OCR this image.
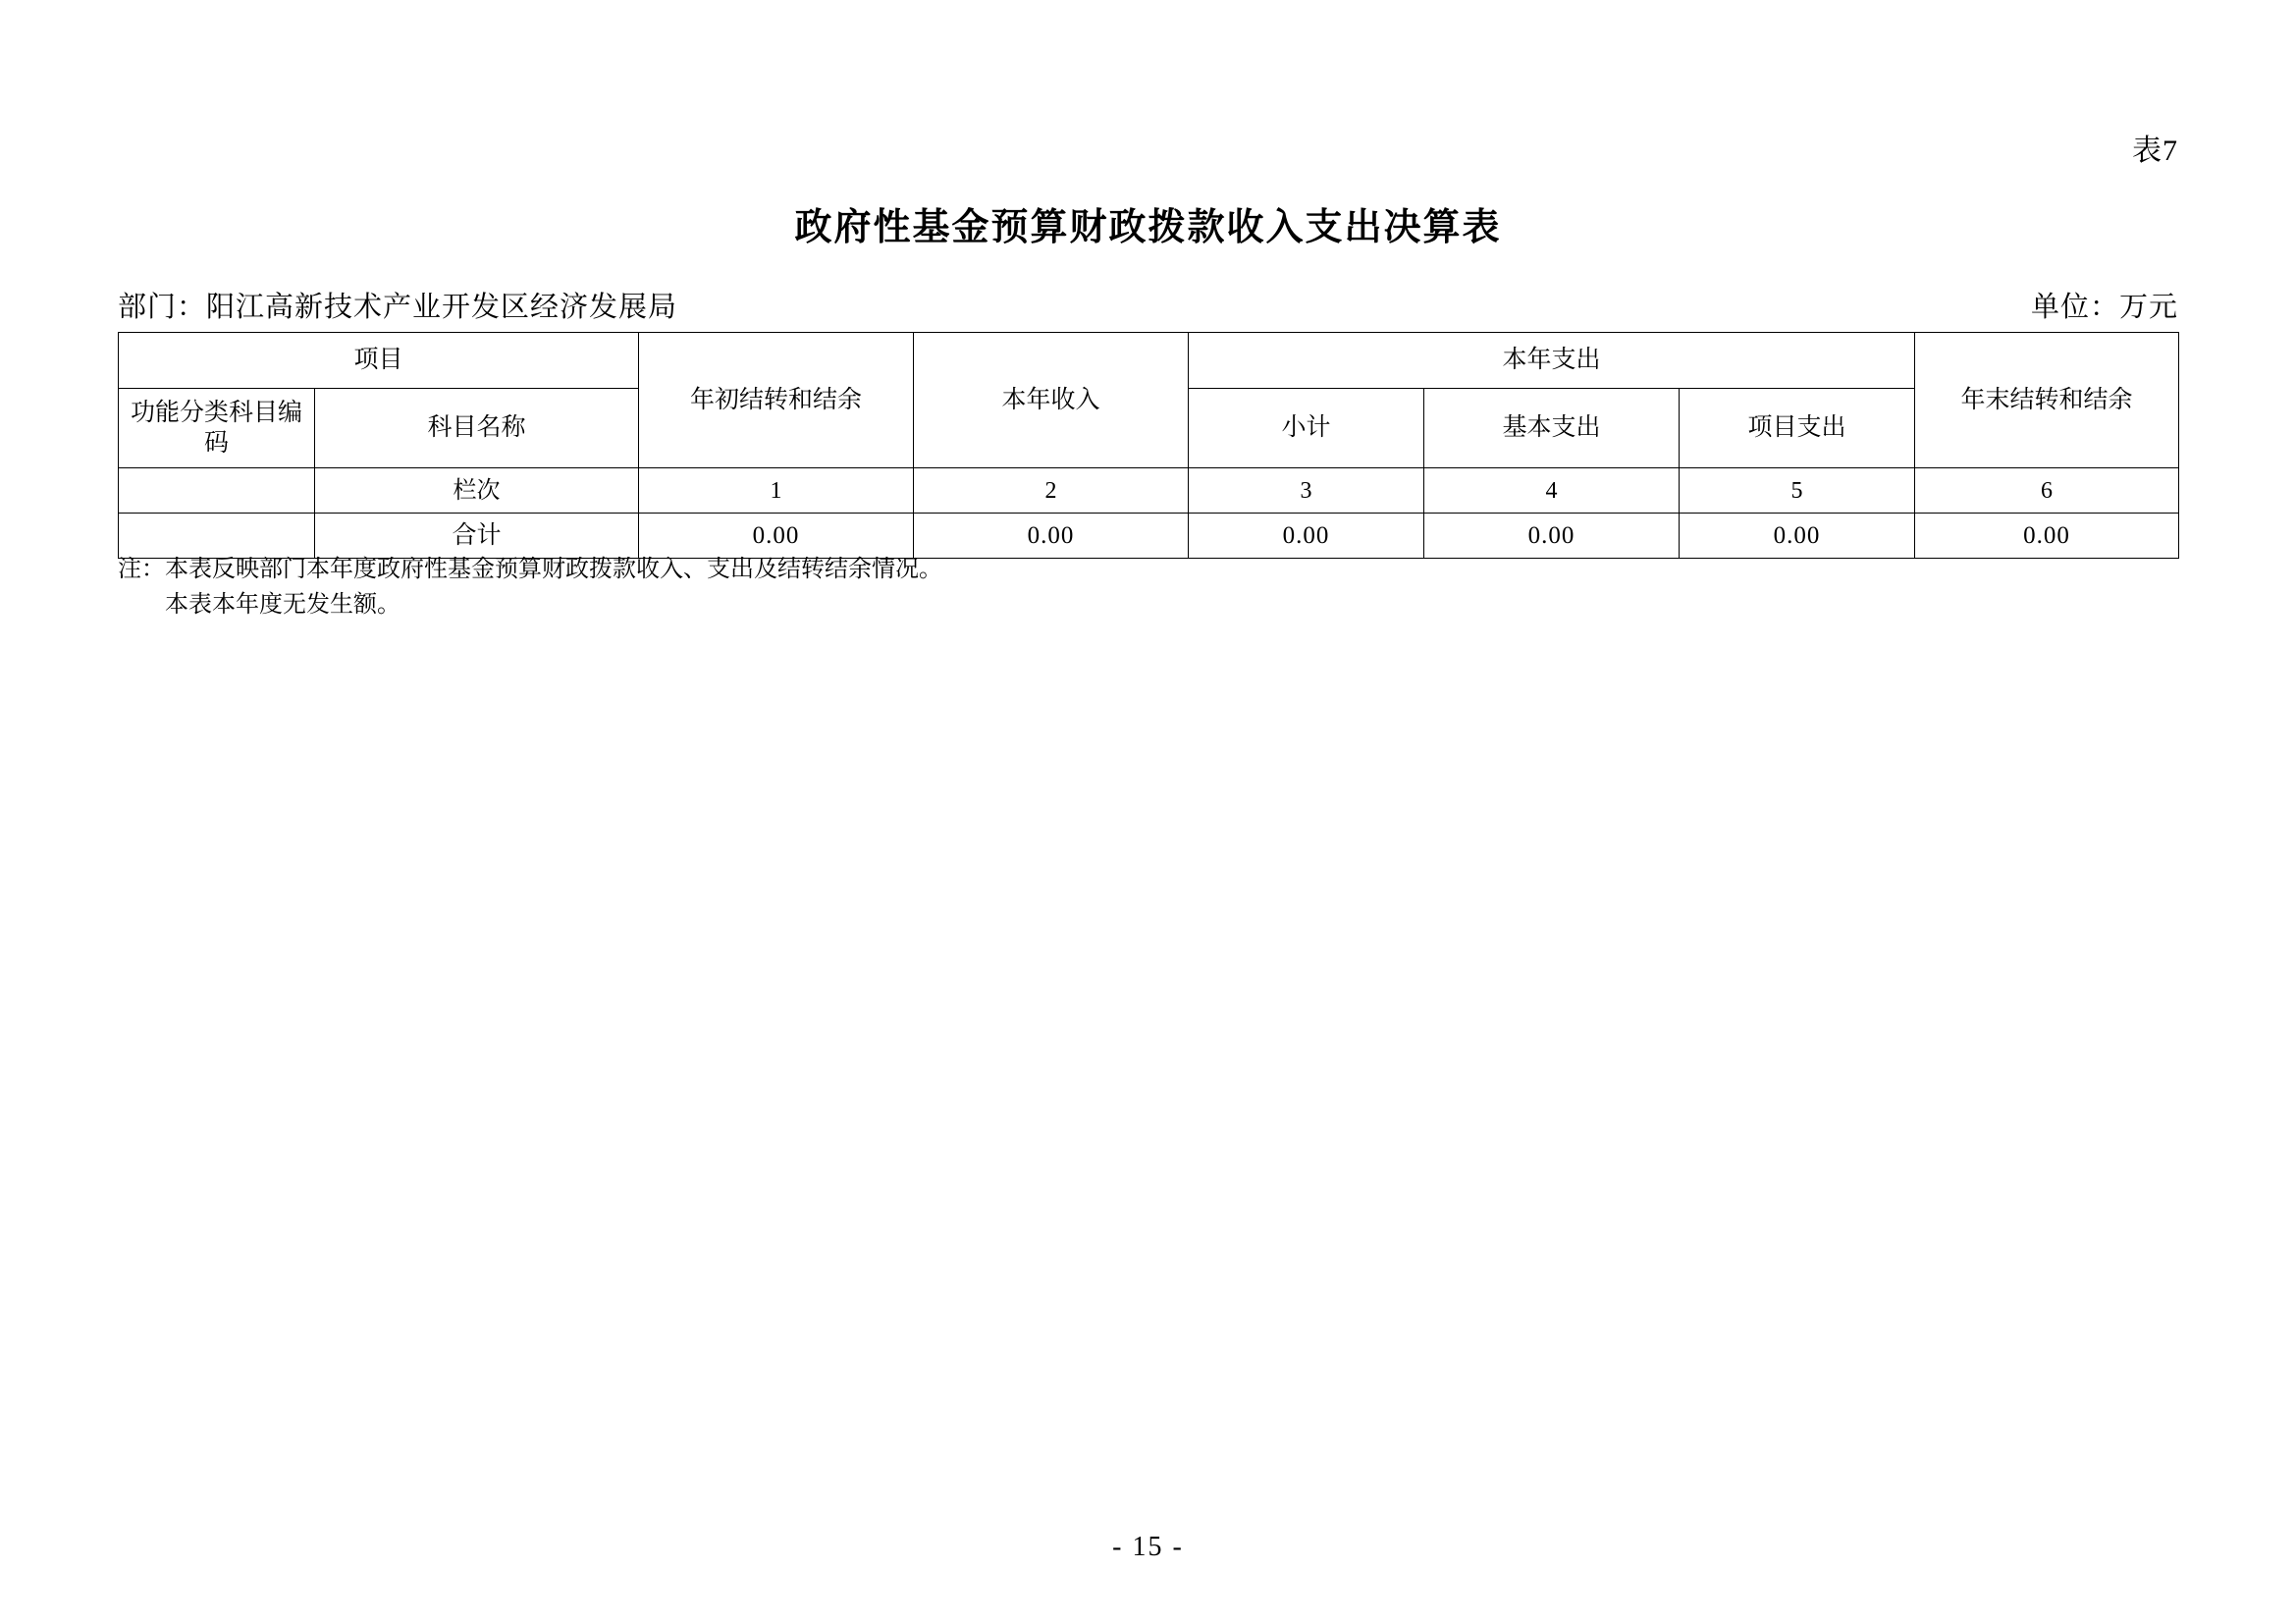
表7
政府性基金预算财政拨款收入支出决算表
部门：阳江高新技术产业开发区经济发展局	单位：万元
项目		年初结转和结余	本年收入	本年支出			年末结转和结余
功能分类科目编码	科目名称			小计	基本支出	项目支出	
	栏次	1	2	3	4	5	6
	合计	0.00	0.00	0.00	0.00	0.00	0.00
注：本表反映部门本年度政府性基金预算财政拨款收入、支出及结转结余情况。
本表本年度无发生额。
- 15 -
